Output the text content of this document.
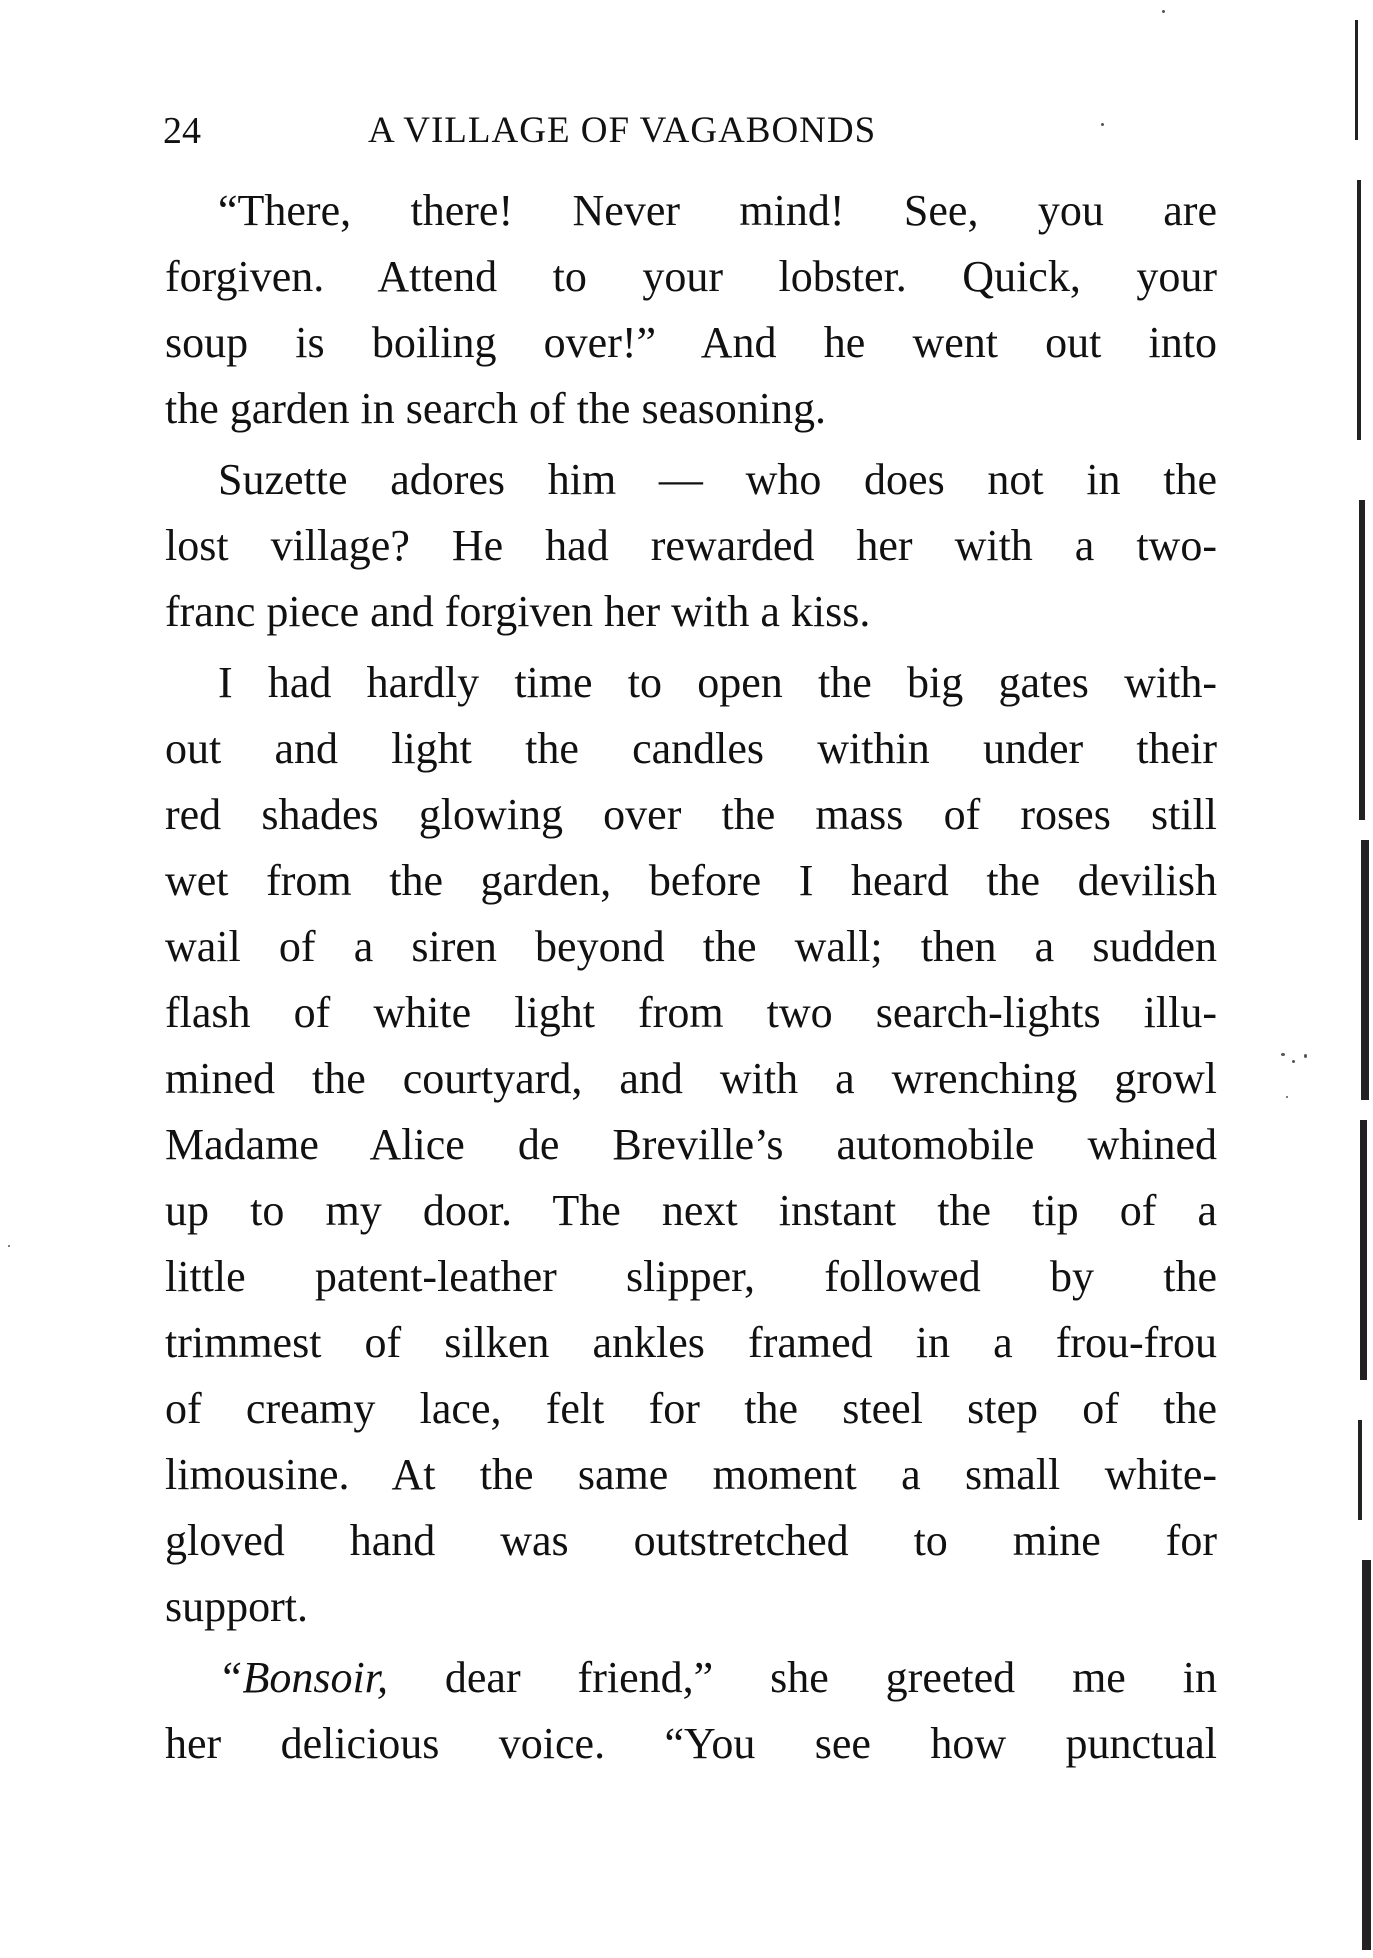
24	A VILLAGE OF VAGABONDS
“There, there! Never mind! See, you are
forgiven. Attend to your lobster. Quick, your
soup is boiling over!” And he went out into
the garden in search of the seasoning.
Suzette adores him — who does not in the
lost village? He had rewarded her with a two-
franc piece and forgiven her with a kiss.
I had hardly time to open the big gates with-
out and light the candles within under their
red shades glowing over the mass of roses still
wet from the garden, before I heard the devilish
wail of a siren beyond the wall; then a sudden
flash of white light from two search-lights illu-
mined the courtyard, and with a wrenching growl
Madame Alice de Breville’s automobile whined
up to my door. The next instant the tip of a
little patent-leather slipper, followed by the
trimmest of silken ankles framed in a frou-frou
of creamy lace, felt for the steel step of the
limousine. At the same moment a small white-
gloved hand was outstretched to mine for
support.
“Bonsoir, dear friend,” she greeted me in
her delicious voice. “You see how punctual
